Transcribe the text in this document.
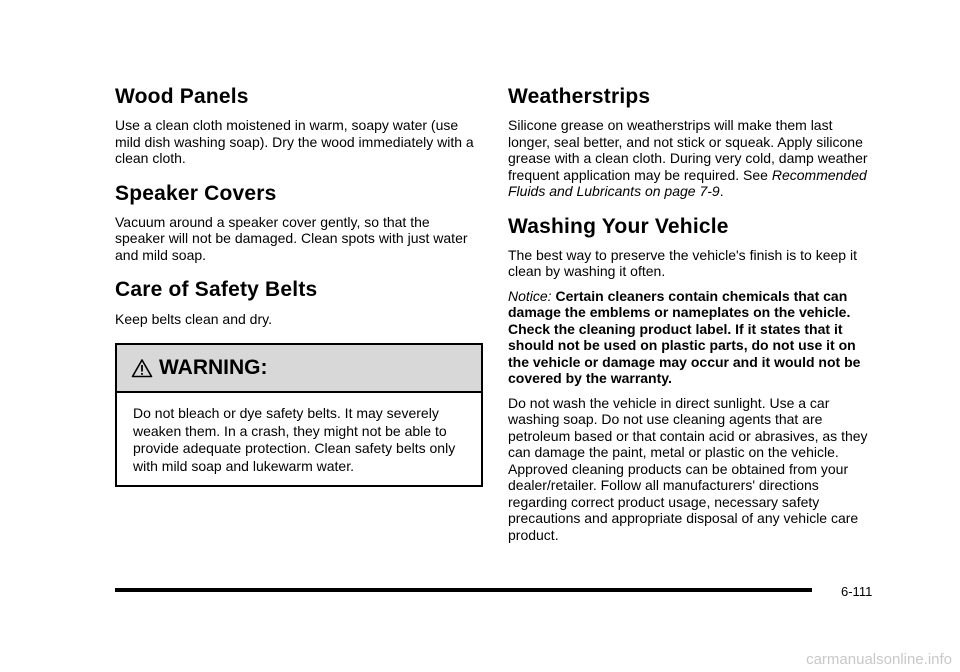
Wood Panels

Use a clean cloth moistened in warm, soapy water (use mild dish washing soap). Dry the wood immediately with a clean cloth.

Speaker Covers

Vacuum around a speaker cover gently, so that the speaker will not be damaged. Clean spots with just water and mild soap.

Care of Safety Belts

Keep belts clean and dry.

WARNING:

Do not bleach or dye safety belts. It may severely weaken them. In a crash, they might not be able to provide adequate protection. Clean safety belts only with mild soap and lukewarm water.

Weatherstrips

Silicone grease on weatherstrips will make them last longer, seal better, and not stick or squeak. Apply silicone grease with a clean cloth. During very cold, damp weather frequent application may be required. See Recommended Fluids and Lubricants on page 7-9.

Washing Your Vehicle

The best way to preserve the vehicle's finish is to keep it clean by washing it often.

Notice: Certain cleaners contain chemicals that can damage the emblems or nameplates on the vehicle. Check the cleaning product label. If it states that it should not be used on plastic parts, do not use it on the vehicle or damage may occur and it would not be covered by the warranty.

Do not wash the vehicle in direct sunlight. Use a car washing soap. Do not use cleaning agents that are petroleum based or that contain acid or abrasives, as they can damage the paint, metal or plastic on the vehicle. Approved cleaning products can be obtained from your dealer/retailer. Follow all manufacturers' directions regarding correct product usage, necessary safety precautions and appropriate disposal of any vehicle care product.

6-111
carmanualsonline.info
